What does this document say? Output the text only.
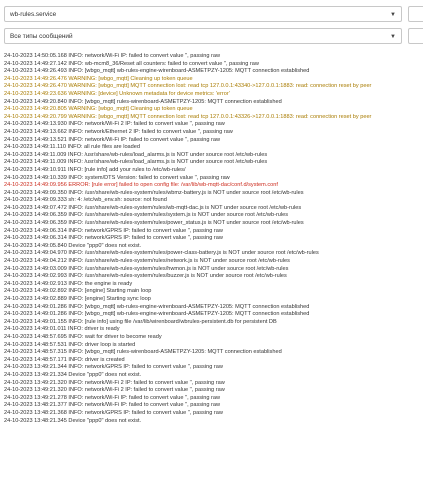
wb-rules.service	▼
Все типы сообщений	▼
24-10-2023 14:50:05.168 INFO: network/Wi-Fi IP: failed to convert value '', passing raw
24-10-2023 14:49:27.142 INFO: wb-mcm8_36/Reset all counters: failed to convert value '', passing raw
24-10-2023 14:49:26.493 INFO: [wbgo_mqtt] wb-rules-engine-wirenboard-ASMETPZY-1205: MQTT connection established
24-10-2023 14:49:26.476 WARNING: [wbgo_mqtt] Cleaning up token queue
24-10-2023 14:49:26.470 WARNING: [wbgo_mqtt] MQTT connection lost: read tcp 127.0.0.1:43340->127.0.0.1:1883: read: connection reset by peer
24-10-2023 14:49:23.636 WARNING: [device] Unknown metadata for device metrics: 'error'
24-10-2023 14:49:20.840 INFO: [wbgo_mqtt] rules-wirenboard-ASMETPZY-1205: MQTT connection established
24-10-2023 14:49:20.805 WARNING: [wbgo_mqtt] Cleaning up token queue
24-10-2023 14:49:20.799 WARNING: [wbgo_mqtt] MQTT connection lost: read tcp 127.0.0.1:43326->127.0.0.1:1883: read: connection reset by peer
24-10-2023 14:49:13.930 INFO: network/Wi-Fi 2 IP: failed to convert value '', passing raw
24-10-2023 14:49:13.662 INFO: network/Ethernet 2 IP: failed to convert value '', passing raw
24-10-2023 14:49:13.521 INFO: network/Wi-Fi IP: failed to convert value '', passing raw
24-10-2023 14:49:11.110 INFO: all rule files are loaded
24-10-2023 14:49:11.009 INFO: /usr/share/wb-rules/load_alarms.js is NOT under source root /etc/wb-rules
24-10-2023 14:49:11.009 INFO: /usr/share/wb-rules/load_alarms.js is NOT under source root /etc/wb-rules
24-10-2023 14:49:10.911 INFO: [rule info] add your rules to /etc/wb-rules/
24-10-2023 14:49:10.339 INFO: system/DTS Version: failed to convert value '', passing raw
24-10-2023 14:49:09.956 ERROR: [rule error] failed to open config file: /var/lib/wb-mqtt-dac/conf.d/system.conf
24-10-2023 14:49:09.350 INFO: /usr/share/wb-rules-system/rules/wbmz-battery.js is NOT under source root /etc/wb-rules
24-10-2023 14:49:09.333 sh: 4: /etc/wb_env.sh: source: not found
24-10-2023 14:49:07.472 INFO: /usr/share/wb-rules-system/rules/wb-mqtt-dac.js is NOT under source root /etc/wb-rules
24-10-2023 14:49:06.359 INFO: /usr/share/wb-rules-system/rules/system.js is NOT under source root /etc/wb-rules
24-10-2023 14:49:06.359 INFO: /usr/share/wb-rules-system/rules/power_status.js is NOT under source root /etc/wb-rules
24-10-2023 14:49:06.314 INFO: network/GPRS IP: failed to convert value '', passing raw
24-10-2023 14:49:06.314 INFO: network/GPRS IP: failed to convert value '', passing raw
24-10-2023 14:49:05.840 Device "ppp0" does not exist.
24-10-2023 14:49:04.970 INFO: /usr/share/wb-rules-system/rules/power-class-battery.js is NOT under source root /etc/wb-rules
24-10-2023 14:49:04.212 INFO: /usr/share/wb-rules-system/rules/network.js is NOT under source root /etc/wb-rules
24-10-2023 14:49:03.009 INFO: /usr/share/wb-rules-system/rules/hwmon.js is NOT under source root /etc/wb-rules
24-10-2023 14:49:02.993 INFO: /usr/share/wb-rules-system/rules/buzzer.js is NOT under source root /etc/wb-rules
24-10-2023 14:49:02.913 INFO: the engine is ready
24-10-2023 14:49:02.892 INFO: [engine] Starting main loop
24-10-2023 14:49:02.889 INFO: [engine] Starting sync loop
24-10-2023 14:49:01.286 INFO: [wbgo_mqtt] wb-rules-engine-wirenboard-ASMETPZY-1205: MQTT connection established
24-10-2023 14:49:01.286 INFO: [wbgo_mqtt] wb-rules-engine-wirenboard-ASMETPZY-1205: MQTT connection established
24-10-2023 14:49:01.155 INFO: [rule info] using file /var/lib/wirenboard/wbrules-persistent.db for persistent DB
24-10-2023 14:49:01.011 INFO: driver is ready
24-10-2023 14:48:57.695 INFO: wait for driver to become ready
24-10-2023 14:48:57.531 INFO: driver loop is started
24-10-2023 14:48:57.315 INFO: [wbgo_mqtt] rules-wirenboard-ASMETPZY-1205: MQTT connection established
24-10-2023 14:48:57.171 INFO: driver is created
24-10-2023 13:49:21.344 INFO: network/GPRS IP: failed to convert value '', passing raw
24-10-2023 13:49:21.334 Device "ppp0" does not exist.
24-10-2023 13:49:21.320 INFO: network/Wi-Fi 2 IP: failed to convert value '', passing raw
24-10-2023 13:49:21.320 INFO: network/Wi-Fi 2 IP: failed to convert value '', passing raw
24-10-2023 13:49:21.278 INFO: network/Wi-Fi IP: failed to convert value '', passing raw
24-10-2023 13:48:21.377 INFO: network/Wi-Fi IP: failed to convert value '', passing raw
24-10-2023 13:48:21.368 INFO: network/GPRS IP: failed to convert value '', passing raw
24-10-2023 13:48:21.345 Device "ppp0" does not exist.
